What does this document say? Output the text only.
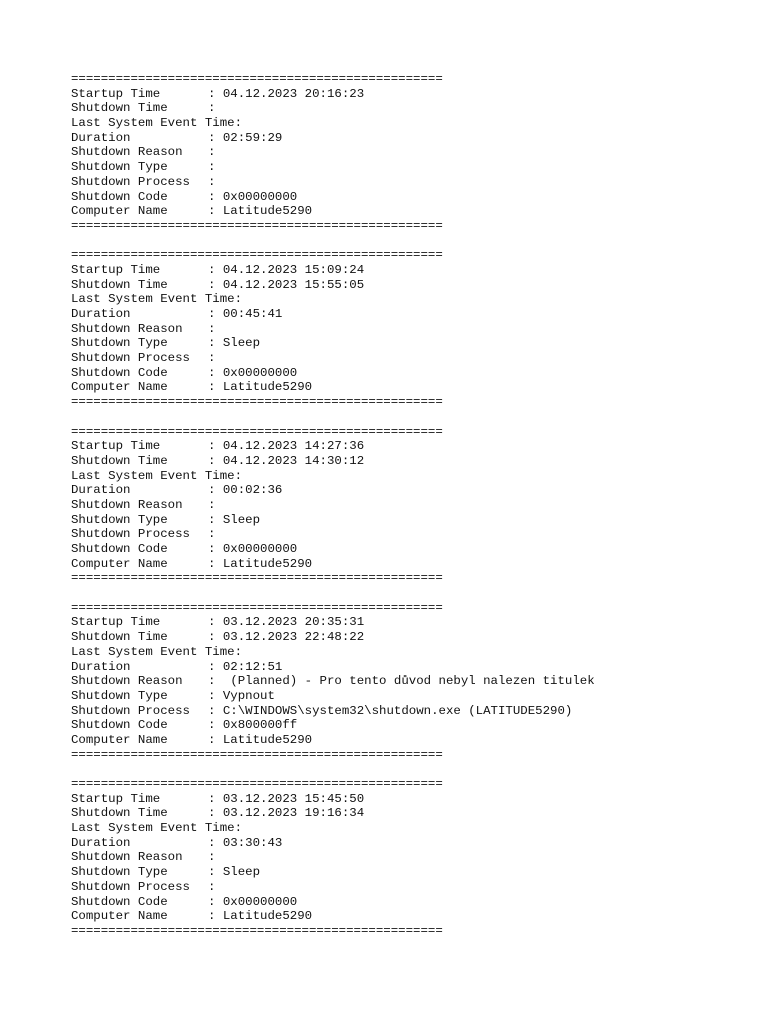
==================================================
Startup Time	: 04.12.2023 20:16:23
Shutdown Time	:
Last System Event Time:
Duration	: 02:59:29
Shutdown Reason	:
Shutdown Type	:
Shutdown Process	:
Shutdown Code	: 0x00000000
Computer Name	: Latitude5290
==================================================
==================================================
Startup Time	: 04.12.2023 15:09:24
Shutdown Time	: 04.12.2023 15:55:05
Last System Event Time:
Duration	: 00:45:41
Shutdown Reason	:
Shutdown Type	: Sleep
Shutdown Process	:
Shutdown Code	: 0x00000000
Computer Name	: Latitude5290
==================================================
==================================================
Startup Time	: 04.12.2023 14:27:36
Shutdown Time	: 04.12.2023 14:30:12
Last System Event Time:
Duration	: 00:02:36
Shutdown Reason	:
Shutdown Type	: Sleep
Shutdown Process	:
Shutdown Code	: 0x00000000
Computer Name	: Latitude5290
==================================================
==================================================
Startup Time	: 03.12.2023 20:35:31
Shutdown Time	: 03.12.2023 22:48:22
Last System Event Time:
Duration	: 02:12:51
Shutdown Reason	: (Planned) - Pro tento důvod nebyl nalezen titulek
Shutdown Type	: Vypnout
Shutdown Process	: C:\WINDOWS\system32\shutdown.exe (LATITUDE5290)
Shutdown Code	: 0x800000ff
Computer Name	: Latitude5290
==================================================
==================================================
Startup Time	: 03.12.2023 15:45:50
Shutdown Time	: 03.12.2023 19:16:34
Last System Event Time:
Duration	: 03:30:43
Shutdown Reason	:
Shutdown Type	: Sleep
Shutdown Process	:
Shutdown Code	: 0x00000000
Computer Name	: Latitude5290
==================================================
